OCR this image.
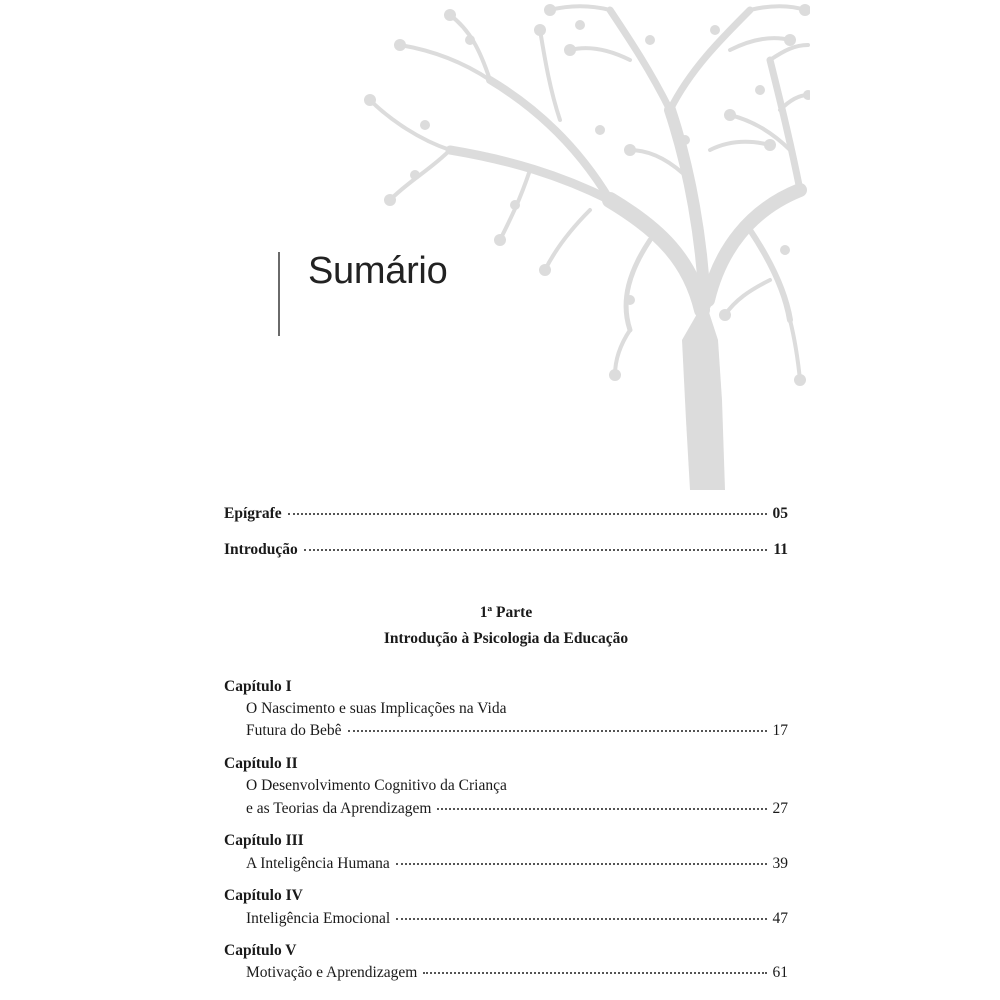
Sumário
Epígrafe	05
Introdução	11
1ª Parte
Introdução à Psicologia da Educação
Capítulo I
O Nascimento e suas Implicações na Vida
Futura do Bebê	17
Capítulo II
O Desenvolvimento Cognitivo da Criança
e as Teorias da Aprendizagem	27
Capítulo III
A Inteligência Humana	39
Capítulo IV
Inteligência Emocional	47
Capítulo V
Motivação e Aprendizagem	61
